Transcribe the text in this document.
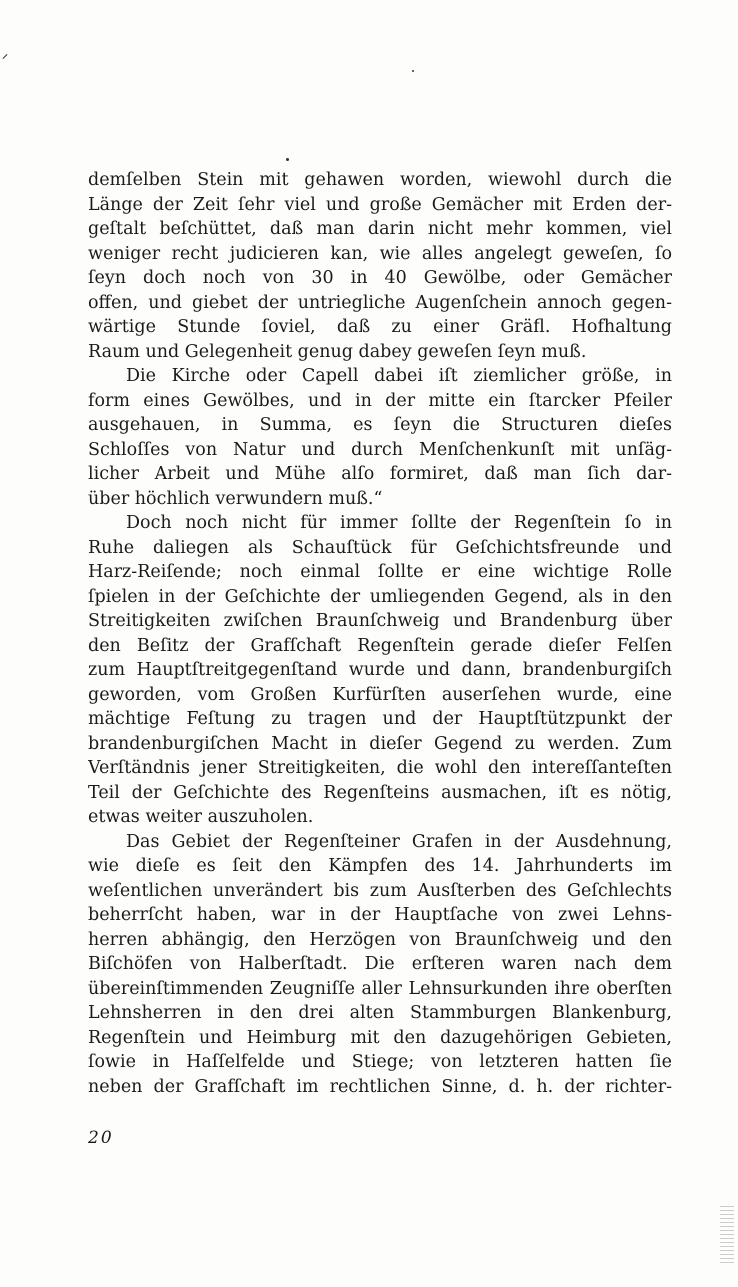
demſelben Stein mit gehawen worden, wiewohl durch die
Länge der Zeit ſehr viel und große Gemächer mit Erden der-
geſtalt beſchüttet, daß man darin nicht mehr kommen, viel
weniger recht judicieren kan, wie alles angelegt geweſen, ſo
ſeyn doch noch von 30 in 40 Gewölbe, oder Gemächer
offen, und giebet der untriegliche Augenſchein annoch gegen-
wärtige Stunde ſoviel, daß zu einer Gräfl. Hofhaltung
Raum und Gelegenheit genug dabey geweſen ſeyn muß.
Die Kirche oder Capell dabei iſt ziemlicher größe, in
form eines Gewölbes, und in der mitte ein ſtarcker Pfeiler
ausgehauen, in Summa, es ſeyn die Structuren dieſes
Schloſſes von Natur und durch Menſchenkunſt mit unſäg-
licher Arbeit und Mühe alſo formiret, daß man ſich dar-
über höchlich verwundern muß.“
Doch noch nicht für immer ſollte der Regenſtein ſo in
Ruhe daliegen als Schauſtück für Geſchichtsfreunde und
Harz-Reiſende; noch einmal ſollte er eine wichtige Rolle
ſpielen in der Geſchichte der umliegenden Gegend, als in den
Streitigkeiten zwiſchen Braunſchweig und Brandenburg über
den Beſitz der Grafſchaft Regenſtein gerade dieſer Felſen
zum Hauptſtreitgegenſtand wurde und dann, brandenburgiſch
geworden, vom Großen Kurfürſten auserſehen wurde, eine
mächtige Feſtung zu tragen und der Hauptſtützpunkt der
brandenburgiſchen Macht in dieſer Gegend zu werden. Zum
Verſtändnis jener Streitigkeiten, die wohl den intereſſanteſten
Teil der Geſchichte des Regenſteins ausmachen, iſt es nötig,
etwas weiter auszuholen.
Das Gebiet der Regenſteiner Grafen in der Ausdehnung,
wie dieſe es ſeit den Kämpfen des 14. Jahrhunderts im
weſentlichen unverändert bis zum Ausſterben des Geſchlechts
beherrſcht haben, war in der Hauptſache von zwei Lehns-
herren abhängig, den Herzögen von Braunſchweig und den
Biſchöfen von Halberſtadt. Die erſteren waren nach dem
übereinſtimmenden Zeugniſſe aller Lehnsurkunden ihre oberſten
Lehnsherren in den drei alten Stammburgen Blankenburg,
Regenſtein und Heimburg mit den dazugehörigen Gebieten,
ſowie in Haſſelfelde und Stiege; von letzteren hatten ſie
neben der Grafſchaft im rechtlichen Sinne, d. h. der richter-
20
